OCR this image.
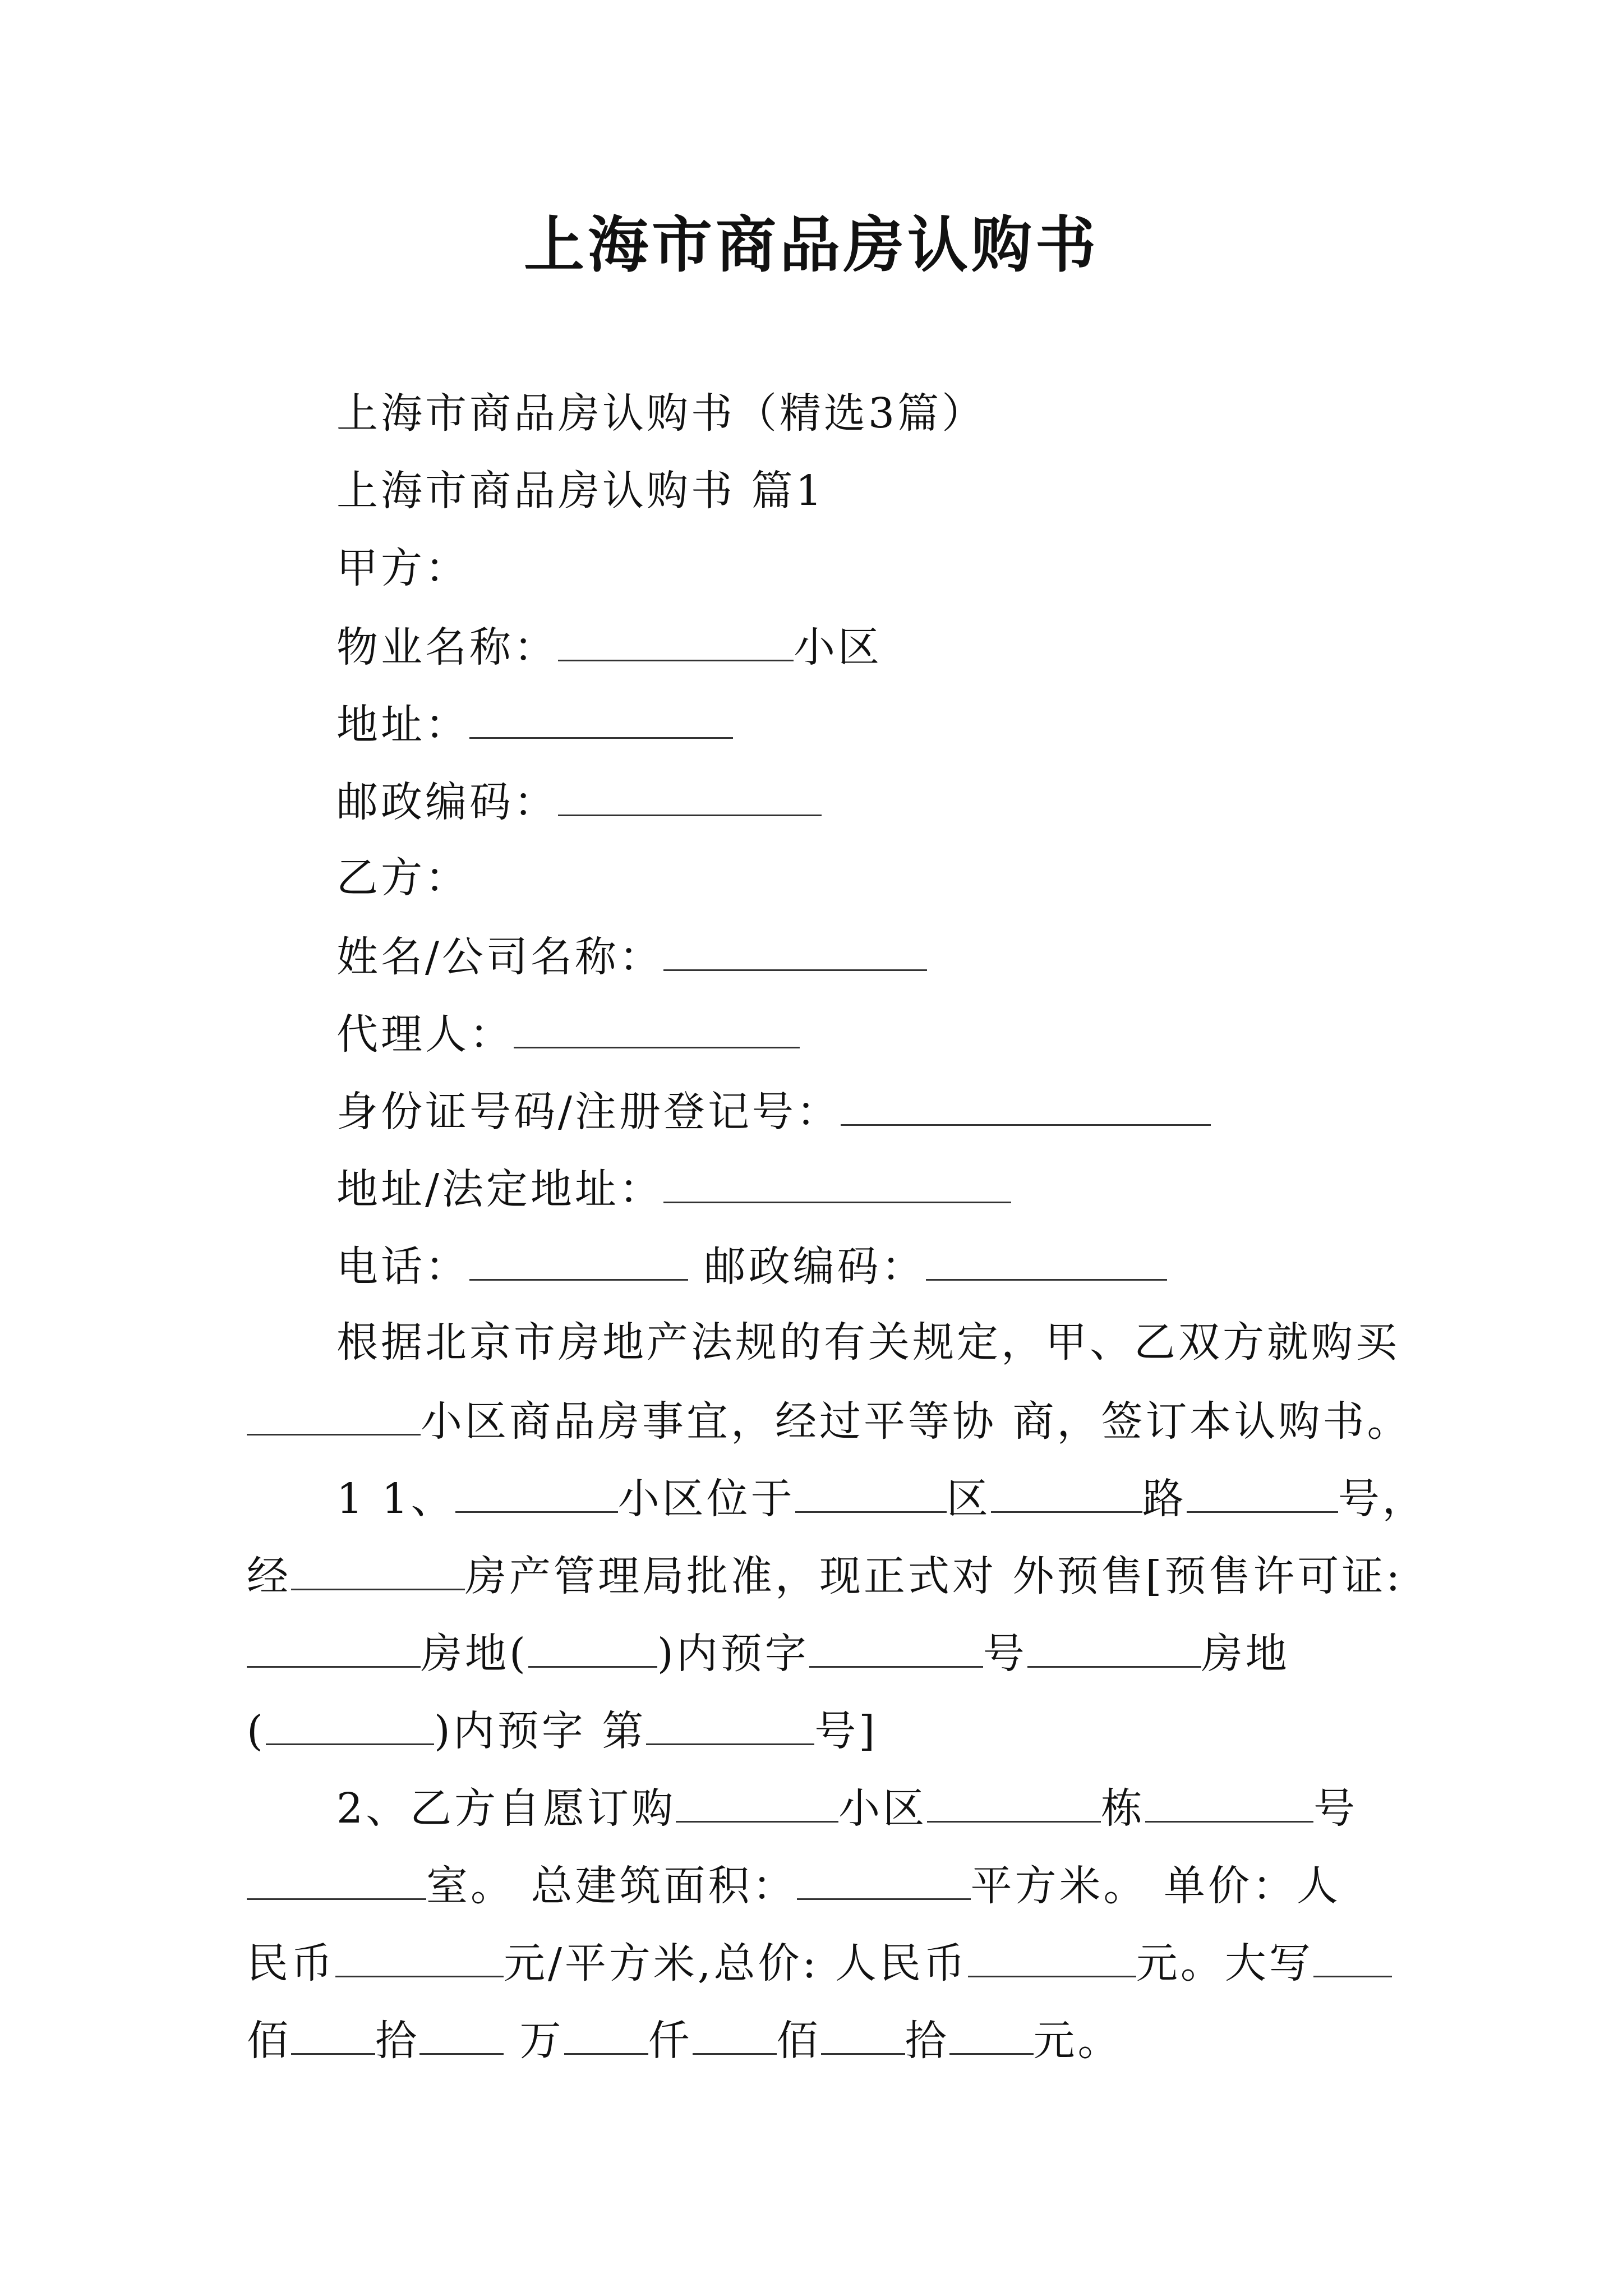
上海市商品房认购书
上海市商品房认购书（精选3篇）
上海市商品房认购书 篇1
甲方：
物业名称：	小区
地址：
邮政编码：
乙方：
姓名/公司名称：
代理人：
身份证号码/注册登记号：
地址/法定地址：
电话：	邮政编码：
根据北京市房地产法规的有关规定，甲、乙双方就购买
小区商品房事宜，经过平等协 商，签订本认购书。
1 1、	小区位于	区	路	号，
经	房产管理局批准，现正式对 外预售[预售许可证:
房地(	)内预字	号	房地
(	)内预字 第	号]
2、乙方自愿订购	小区	栋	号
室。 总建筑面积：	平方米。 单价：人
民币	元/平方米,总价: 人民币	元。大写
佰 拾 万 仟 佰 拾 元。
